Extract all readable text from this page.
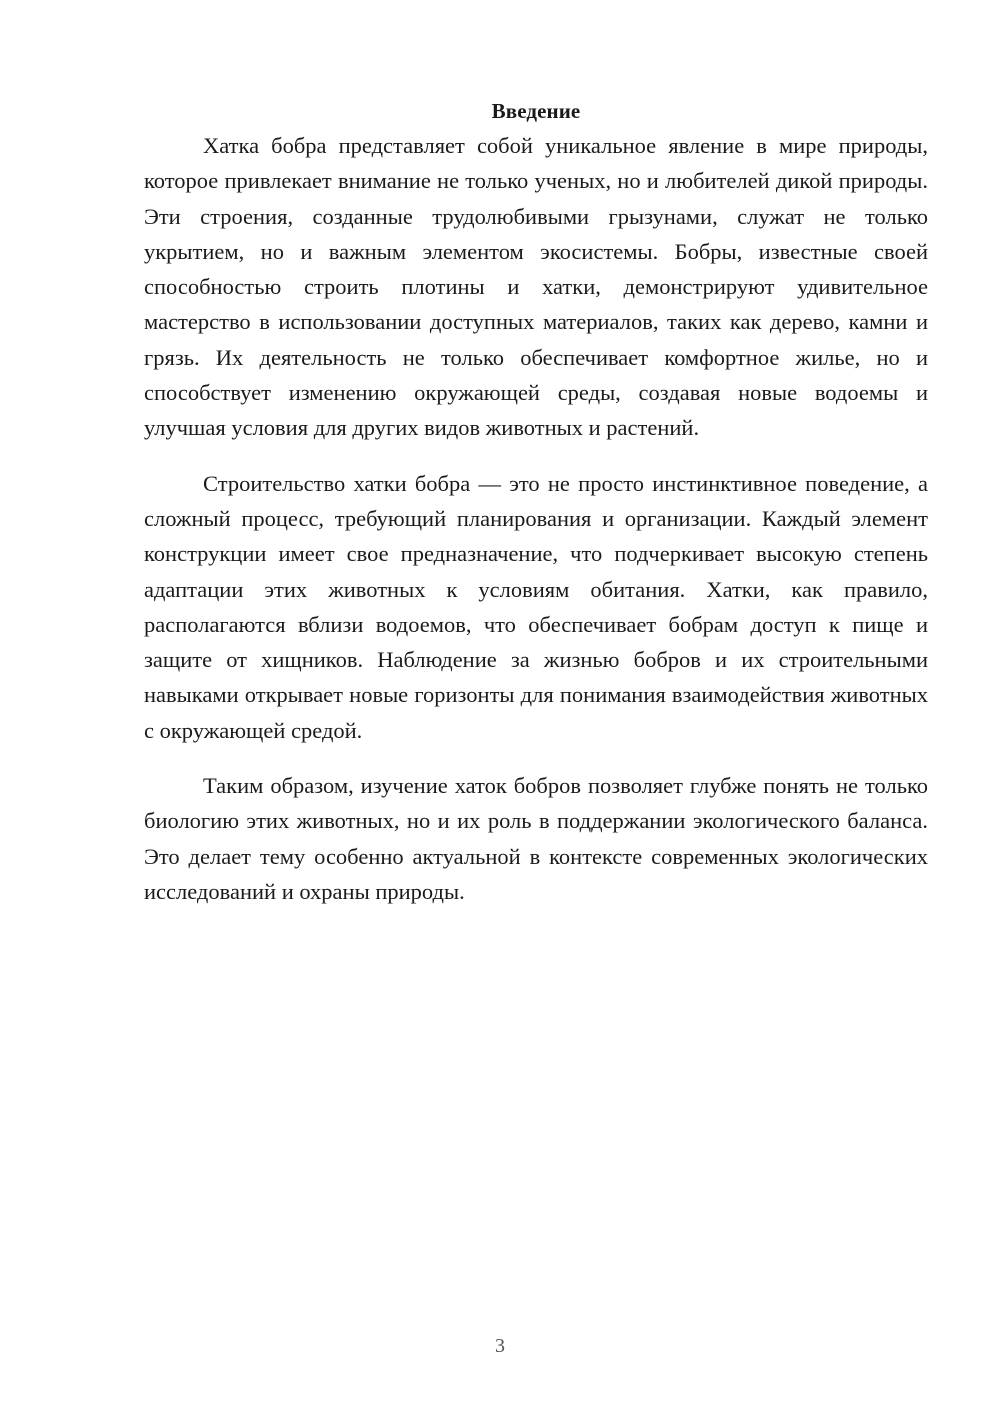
Введение

Хатка бобра представляет собой уникальное явление в мире природы, которое привлекает внимание не только ученых, но и любителей дикой природы. Эти строения, созданные трудолюбивыми грызунами, служат не только укрытием, но и важным элементом экосистемы. Бобры, известные своей способностью строить плотины и хатки, демонстрируют удивительное мастерство в использовании доступных материалов, таких как дерево, камни и грязь. Их деятельность не только обеспечивает комфортное жилье, но и способствует изменению окружающей среды, создавая новые водоемы и улучшая условия для других видов животных и растений.

Строительство хатки бобра — это не просто инстинктивное поведение, а сложный процесс, требующий планирования и организации. Каждый элемент конструкции имеет свое предназначение, что подчеркивает высокую степень адаптации этих животных к условиям обитания. Хатки, как правило, располагаются вблизи водоемов, что обеспечивает бобрам доступ к пище и защите от хищников. Наблюдение за жизнью бобров и их строительными навыками открывает новые горизонты для понимания взаимодействия животных с окружающей средой.

Таким образом, изучение хаток бобров позволяет глубже понять не только биологию этих животных, но и их роль в поддержании экологического баланса. Это делает тему особенно актуальной в контексте современных экологических исследований и охраны природы.

3
